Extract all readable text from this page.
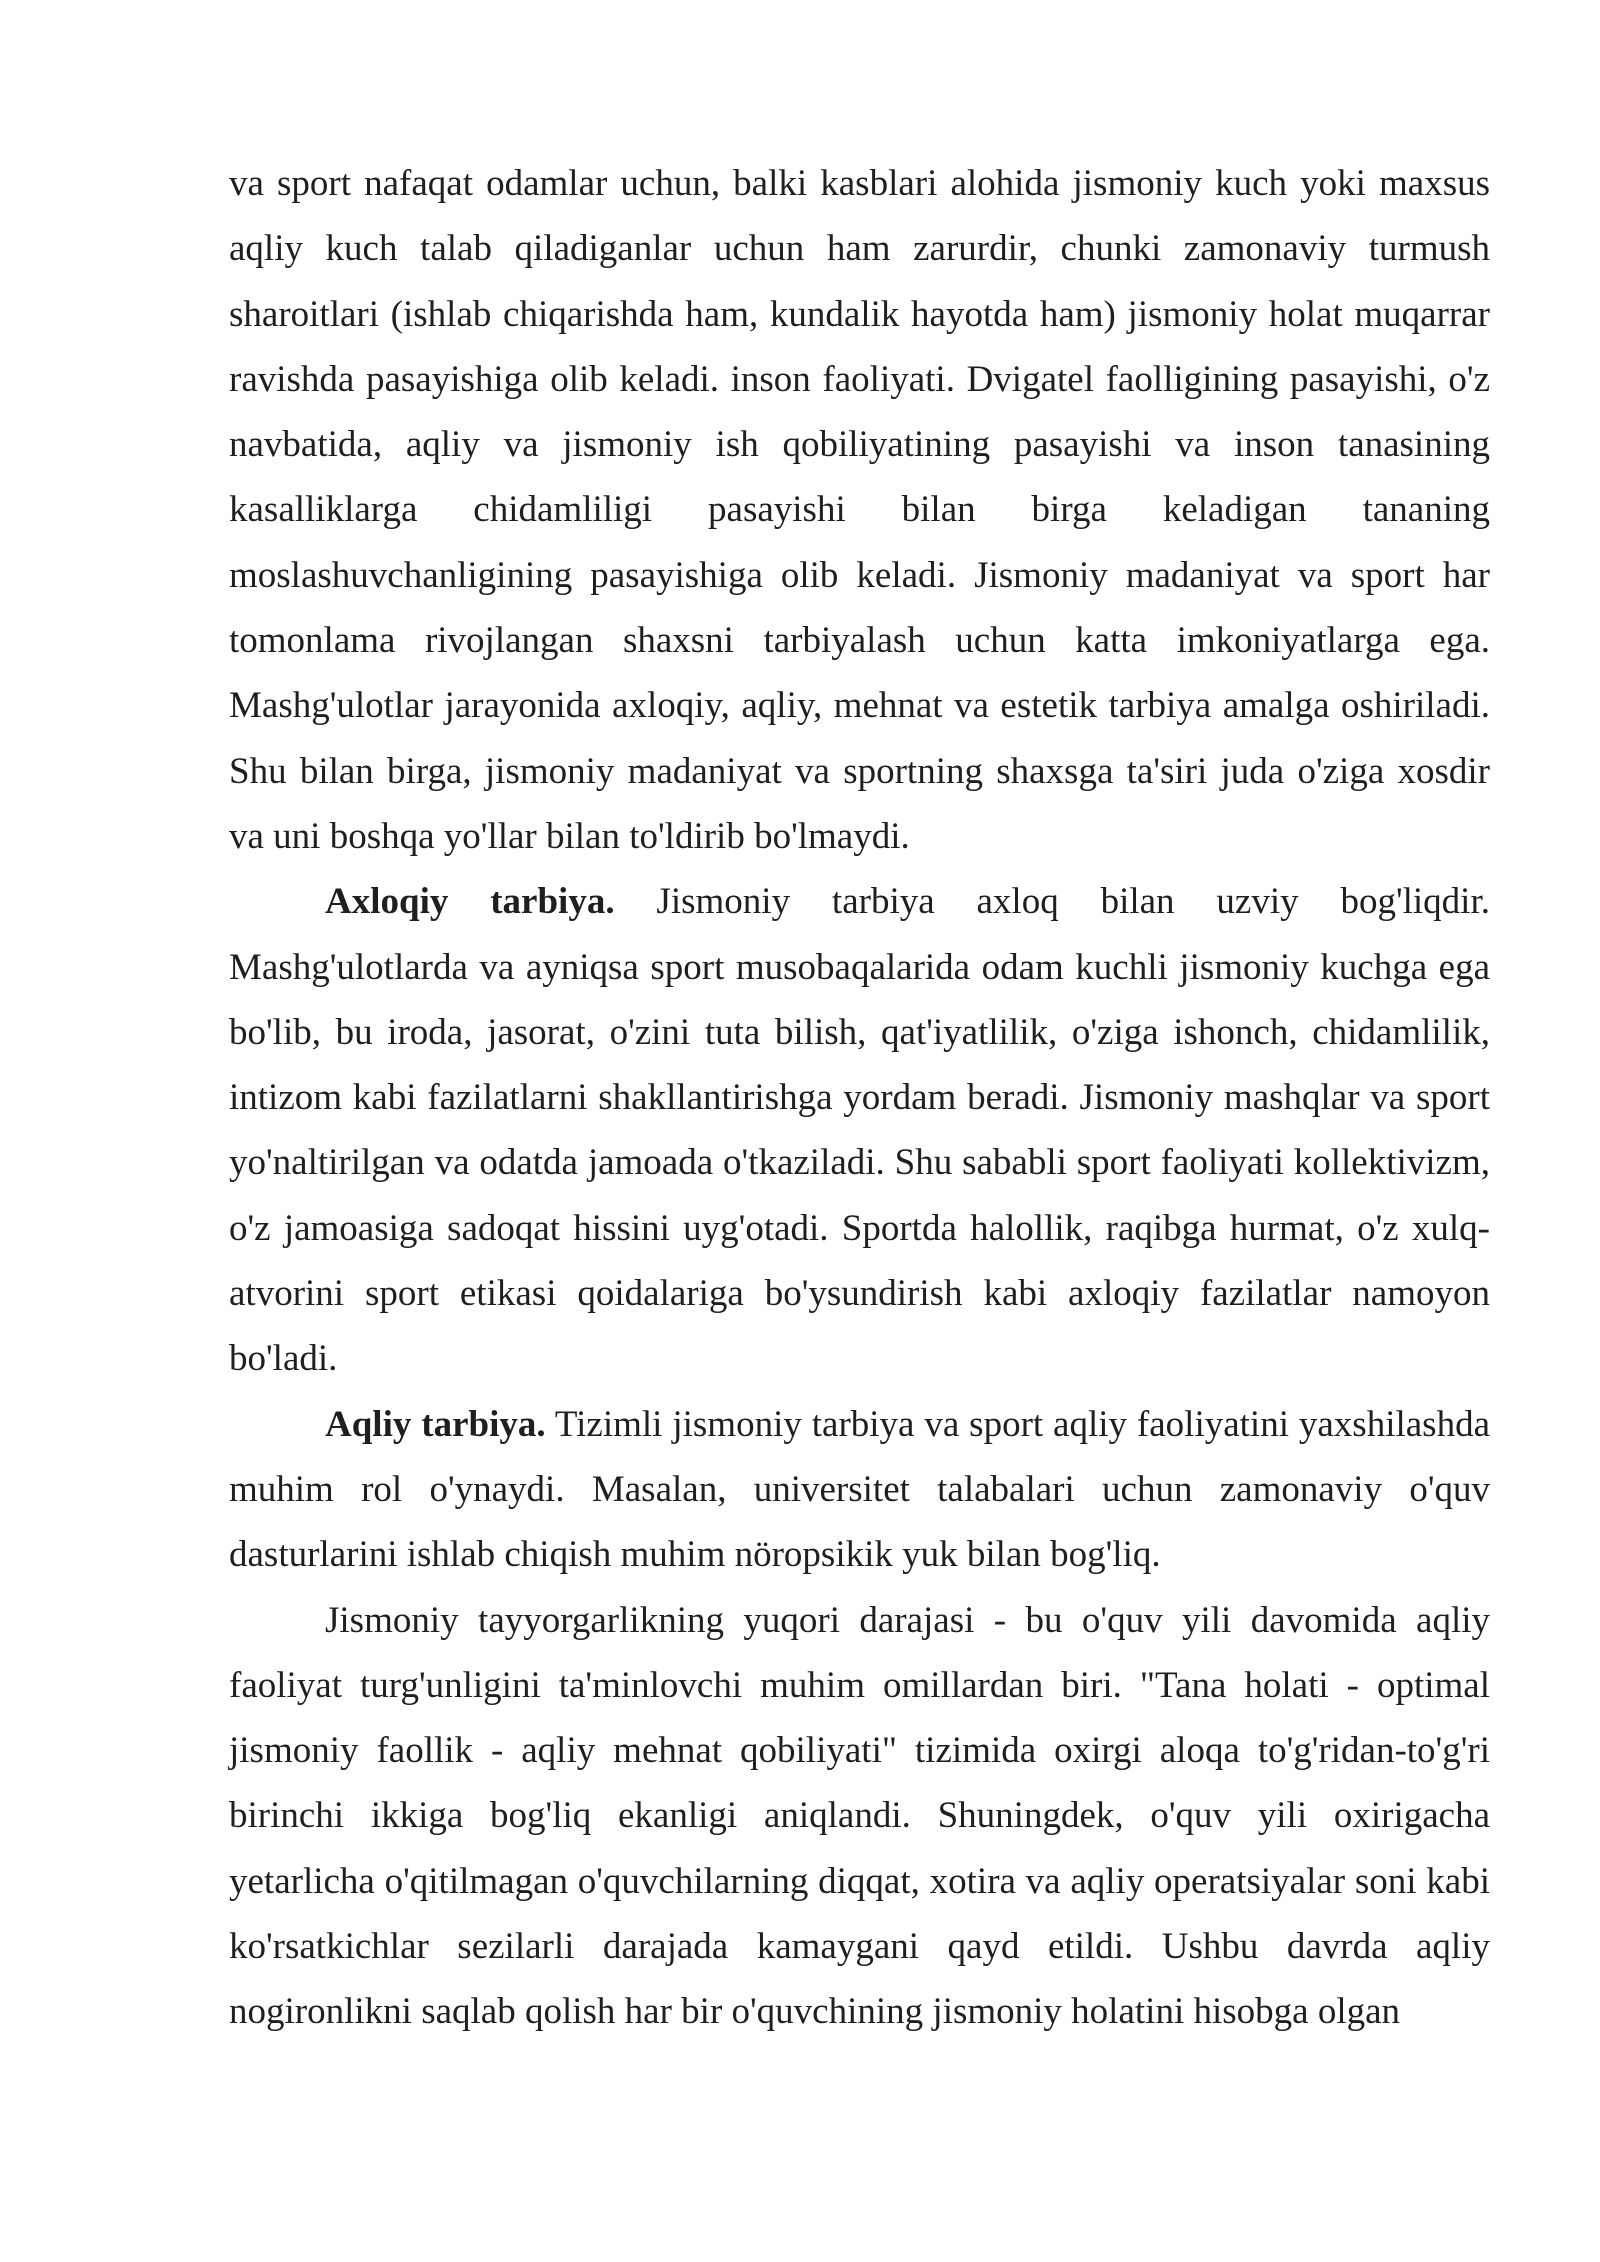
va sport nafaqat odamlar uchun, balki kasblari alohida jismoniy kuch yoki maxsus aqliy kuch talab qiladiganlar uchun ham zarurdir, chunki zamonaviy turmush sharoitlari (ishlab chiqarishda ham, kundalik hayotda ham) jismoniy holat muqarrar ravishda pasayishiga olib keladi. inson faoliyati. Dvigatel faolligining pasayishi, o'z navbatida, aqliy va jismoniy ish qobiliyatining pasayishi va inson tanasining kasalliklarga chidamliligi pasayishi bilan birga keladigan tananing moslashuvchanligining pasayishiga olib keladi. Jismoniy madaniyat va sport har tomonlama rivojlangan shaxsni tarbiyalash uchun katta imkoniyatlarga ega. Mashg'ulotlar jarayonida axloqiy, aqliy, mehnat va estetik tarbiya amalga oshiriladi. Shu bilan birga, jismoniy madaniyat va sportning shaxsga ta'siri juda o'ziga xosdir va uni boshqa yo'llar bilan to'ldirib bo'lmaydi.

Axloqiy tarbiya. Jismoniy tarbiya axloq bilan uzviy bog'liqdir. Mashg'ulotlarda va ayniqsa sport musobaqalarida odam kuchli jismoniy kuchga ega bo'lib, bu iroda, jasorat, o'zini tuta bilish, qat'iyatlilik, o'ziga ishonch, chidamlilik, intizom kabi fazilatlarni shakllantirishga yordam beradi. Jismoniy mashqlar va sport yo'naltirilgan va odatda jamoada o'tkaziladi. Shu sababli sport faoliyati kollektivizm, o'z jamoasiga sadoqat hissini uyg'otadi. Sportda halollik, raqibga hurmat, o'z xulq-atvorini sport etikasi qoidalariga bo'ysundirish kabi axloqiy fazilatlar namoyon bo'ladi.

Aqliy tarbiya. Tizimli jismoniy tarbiya va sport aqliy faoliyatini yaxshilashda muhim rol o'ynaydi. Masalan, universitet talabalari uchun zamonaviy o'quv dasturlarini ishlab chiqish muhim nöropsikik yuk bilan bog'liq.

Jismoniy tayyorgarlikning yuqori darajasi - bu o'quv yili davomida aqliy faoliyat turg'unligini ta'minlovchi muhim omillardan biri. "Tana holati - optimal jismoniy faollik - aqliy mehnat qobiliyati" tizimida oxirgi aloqa to'g'ridan-to'g'ri birinchi ikkiga bog'liq ekanligi aniqlandi. Shuningdek, o'quv yili oxirigacha yetarlicha o'qitilmagan o'quvchilarning diqqat, xotira va aqliy operatsiyalar soni kabi ko'rsatkichlar sezilarli darajada kamaygani qayd etildi. Ushbu davrda aqliy nogironlikni saqlab qolish har bir o'quvchining jismoniy holatini hisobga olgan
